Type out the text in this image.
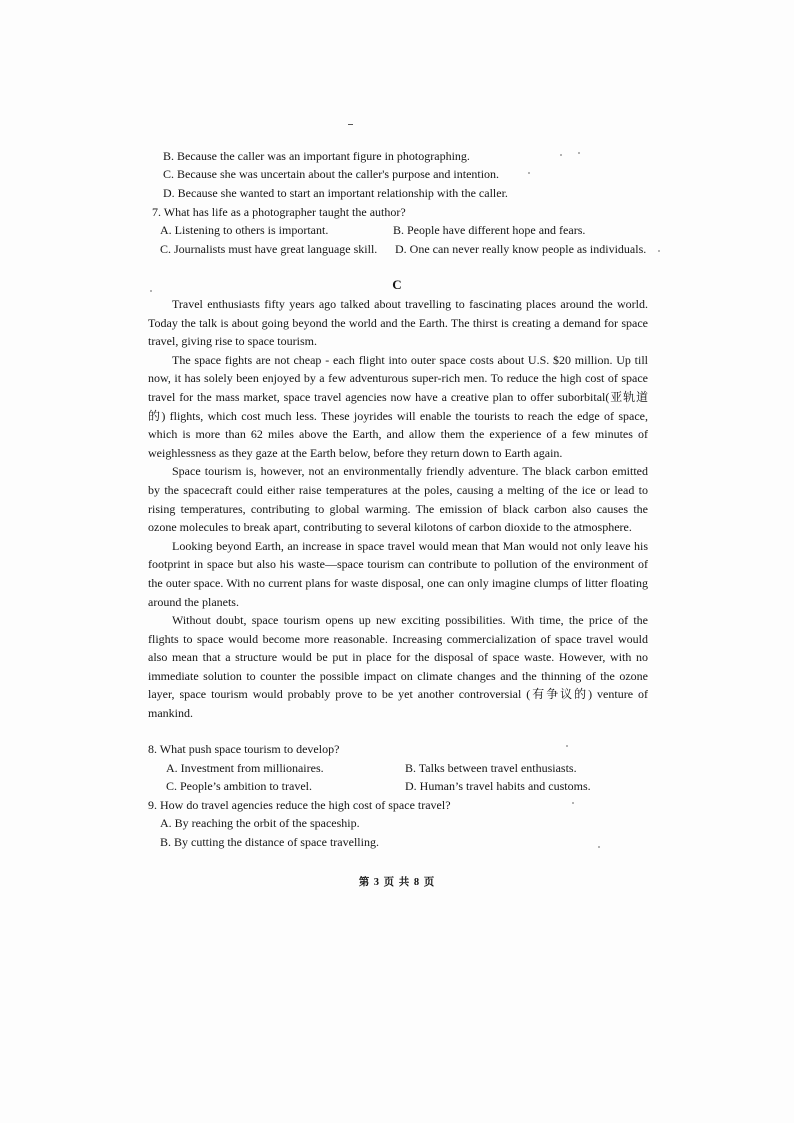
B. Because the caller was an important figure in photographing.
C. Because she was uncertain about the caller's purpose and intention.
D. Because she wanted to start an important relationship with the caller.
7. What has life as a photographer taught the author?
A. Listening to others is important.	B. People have different hope and fears.
C. Journalists must have great language skill. D. One can never really know people as individuals.
C

Travel enthusiasts fifty years ago talked about travelling to fascinating places around the world. Today the talk is about going beyond the world and the Earth. The thirst is creating a demand for space travel, giving rise to space tourism.

The space fights are not cheap - each flight into outer space costs about U.S. $20 million. Up till now, it has solely been enjoyed by a few adventurous super-rich men. To reduce the high cost of space travel for the mass market, space travel agencies now have a creative plan to offer suborbital(亚轨道的) flights, which cost much less. These joyrides will enable the tourists to reach the edge of space, which is more than 62 miles above the Earth, and allow them the experience of a few minutes of weighlessness as they gaze at the Earth below, before they return down to Earth again.

Space tourism is, however, not an environmentally friendly adventure. The black carbon emitted by the spacecraft could either raise temperatures at the poles, causing a melting of the ice or lead to rising temperatures, contributing to global warming. The emission of black carbon also causes the ozone molecules to break apart, contributing to several kilotons of carbon dioxide to the atmosphere.

Looking beyond Earth, an increase in space travel would mean that Man would not only leave his footprint in space but also his waste—space tourism can contribute to pollution of the environment of the outer space. With no current plans for waste disposal, one can only imagine clumps of litter floating around the planets.

Without doubt, space tourism opens up new exciting possibilities. With time, the price of the flights to space would become more reasonable. Increasing commercialization of space travel would also mean that a structure would be put in place for the disposal of space waste. However, with no immediate solution to counter the possible impact on climate changes and the thinning of the ozone layer, space tourism would probably prove to be yet another controversial (有争议的) venture of mankind.

8. What push space tourism to develop?
A. Investment from millionaires.	B. Talks between travel enthusiasts.
C. People’s ambition to travel.	D. Human’s travel habits and customs.
9. How do travel agencies reduce the high cost of space travel?
A. By reaching the orbit of the spaceship.
B. By cutting the distance of space travelling.
第 3 页 共 8 页
